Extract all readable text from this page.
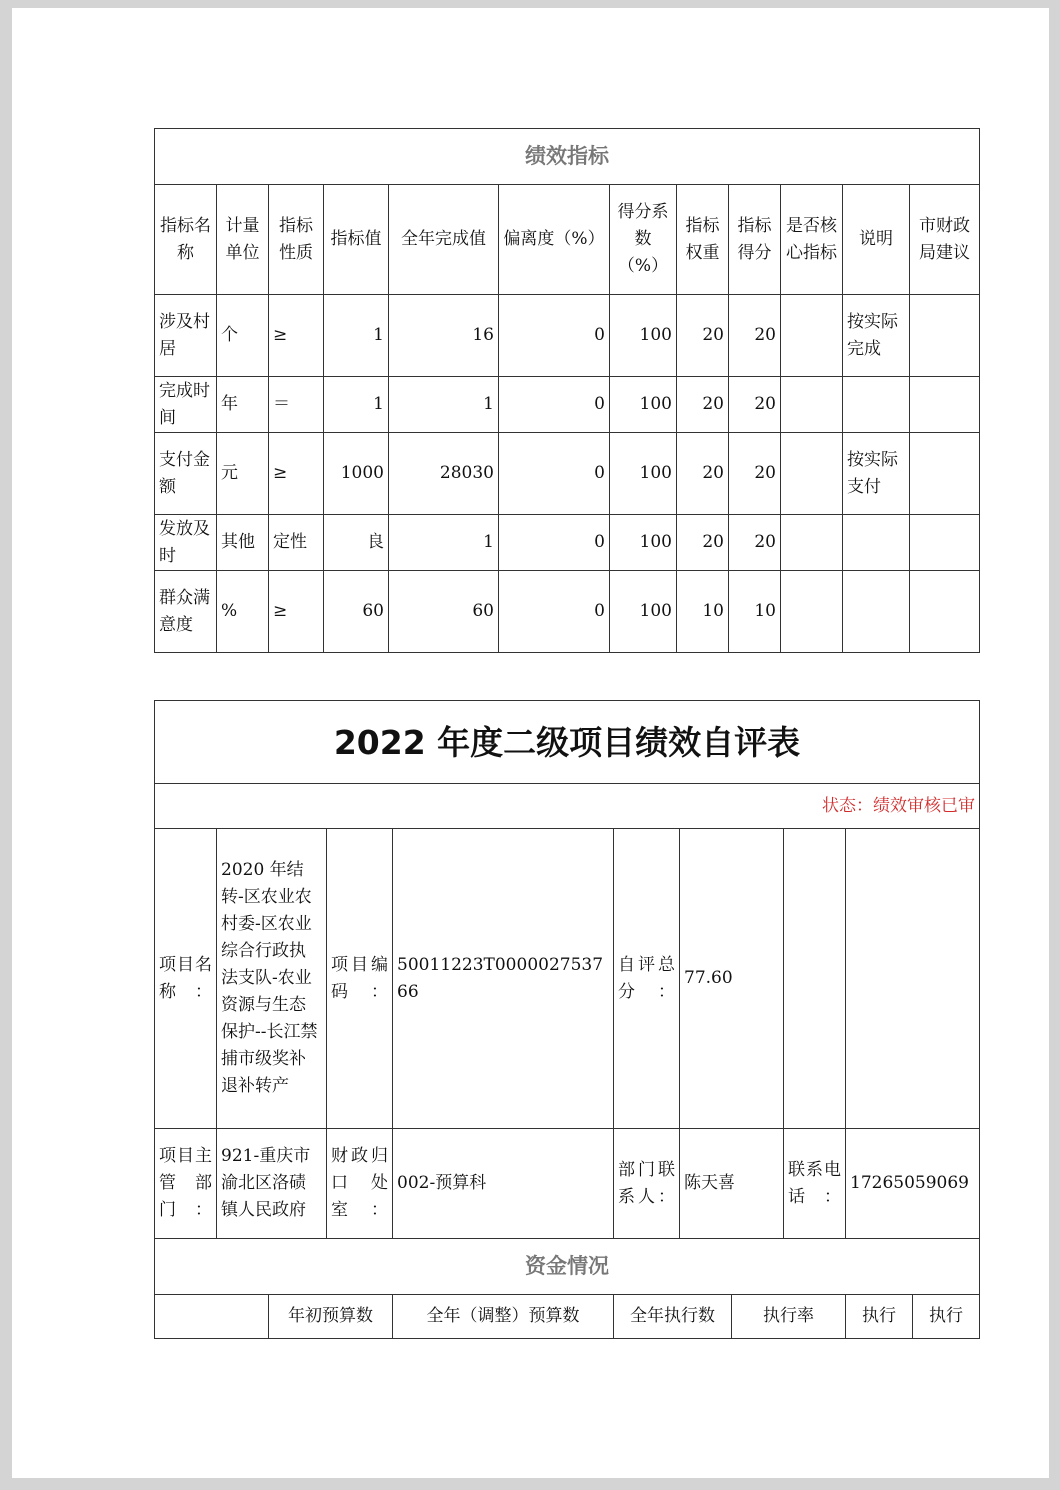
绩效指标											
指标名称	计量单位	指标性质	指标值	全年完成值	偏离度（%）	得分系数（%）	指标权重	指标得分	是否核心指标	说明	市财政局建议
涉及村居	个	≥	1	16	0	100	20	20		按实际完成	
完成时间	年	＝	1	1	0	100	20	20			
支付金额	元	≥	1000	28030	0	100	20	20		按实际支付	
发放及时	其他	定性	良	1	0	100	20	20			
群众满意度	%	≥	60	60	0	100	10	10			
2022 年度二级项目绩效自评表										
状态：绩效审核已审										
项目名称：	2020 年结转-区农业农村委-区农业综合行政执法支队-农业资源与生态保护--长江禁捕市级奖补退补转产		项目编码：	50011223T000002753766	自评总分：	77.60				
项目主管部门：	921-重庆市渝北区洛碛镇人民政府		财政归口处室：	002-预算科	部门联系人：	陈天喜		联系电话：	17265059069	
资金情况										
		年初预算数		全年（调整）预算数	全年执行数		执行率		执行	执行
